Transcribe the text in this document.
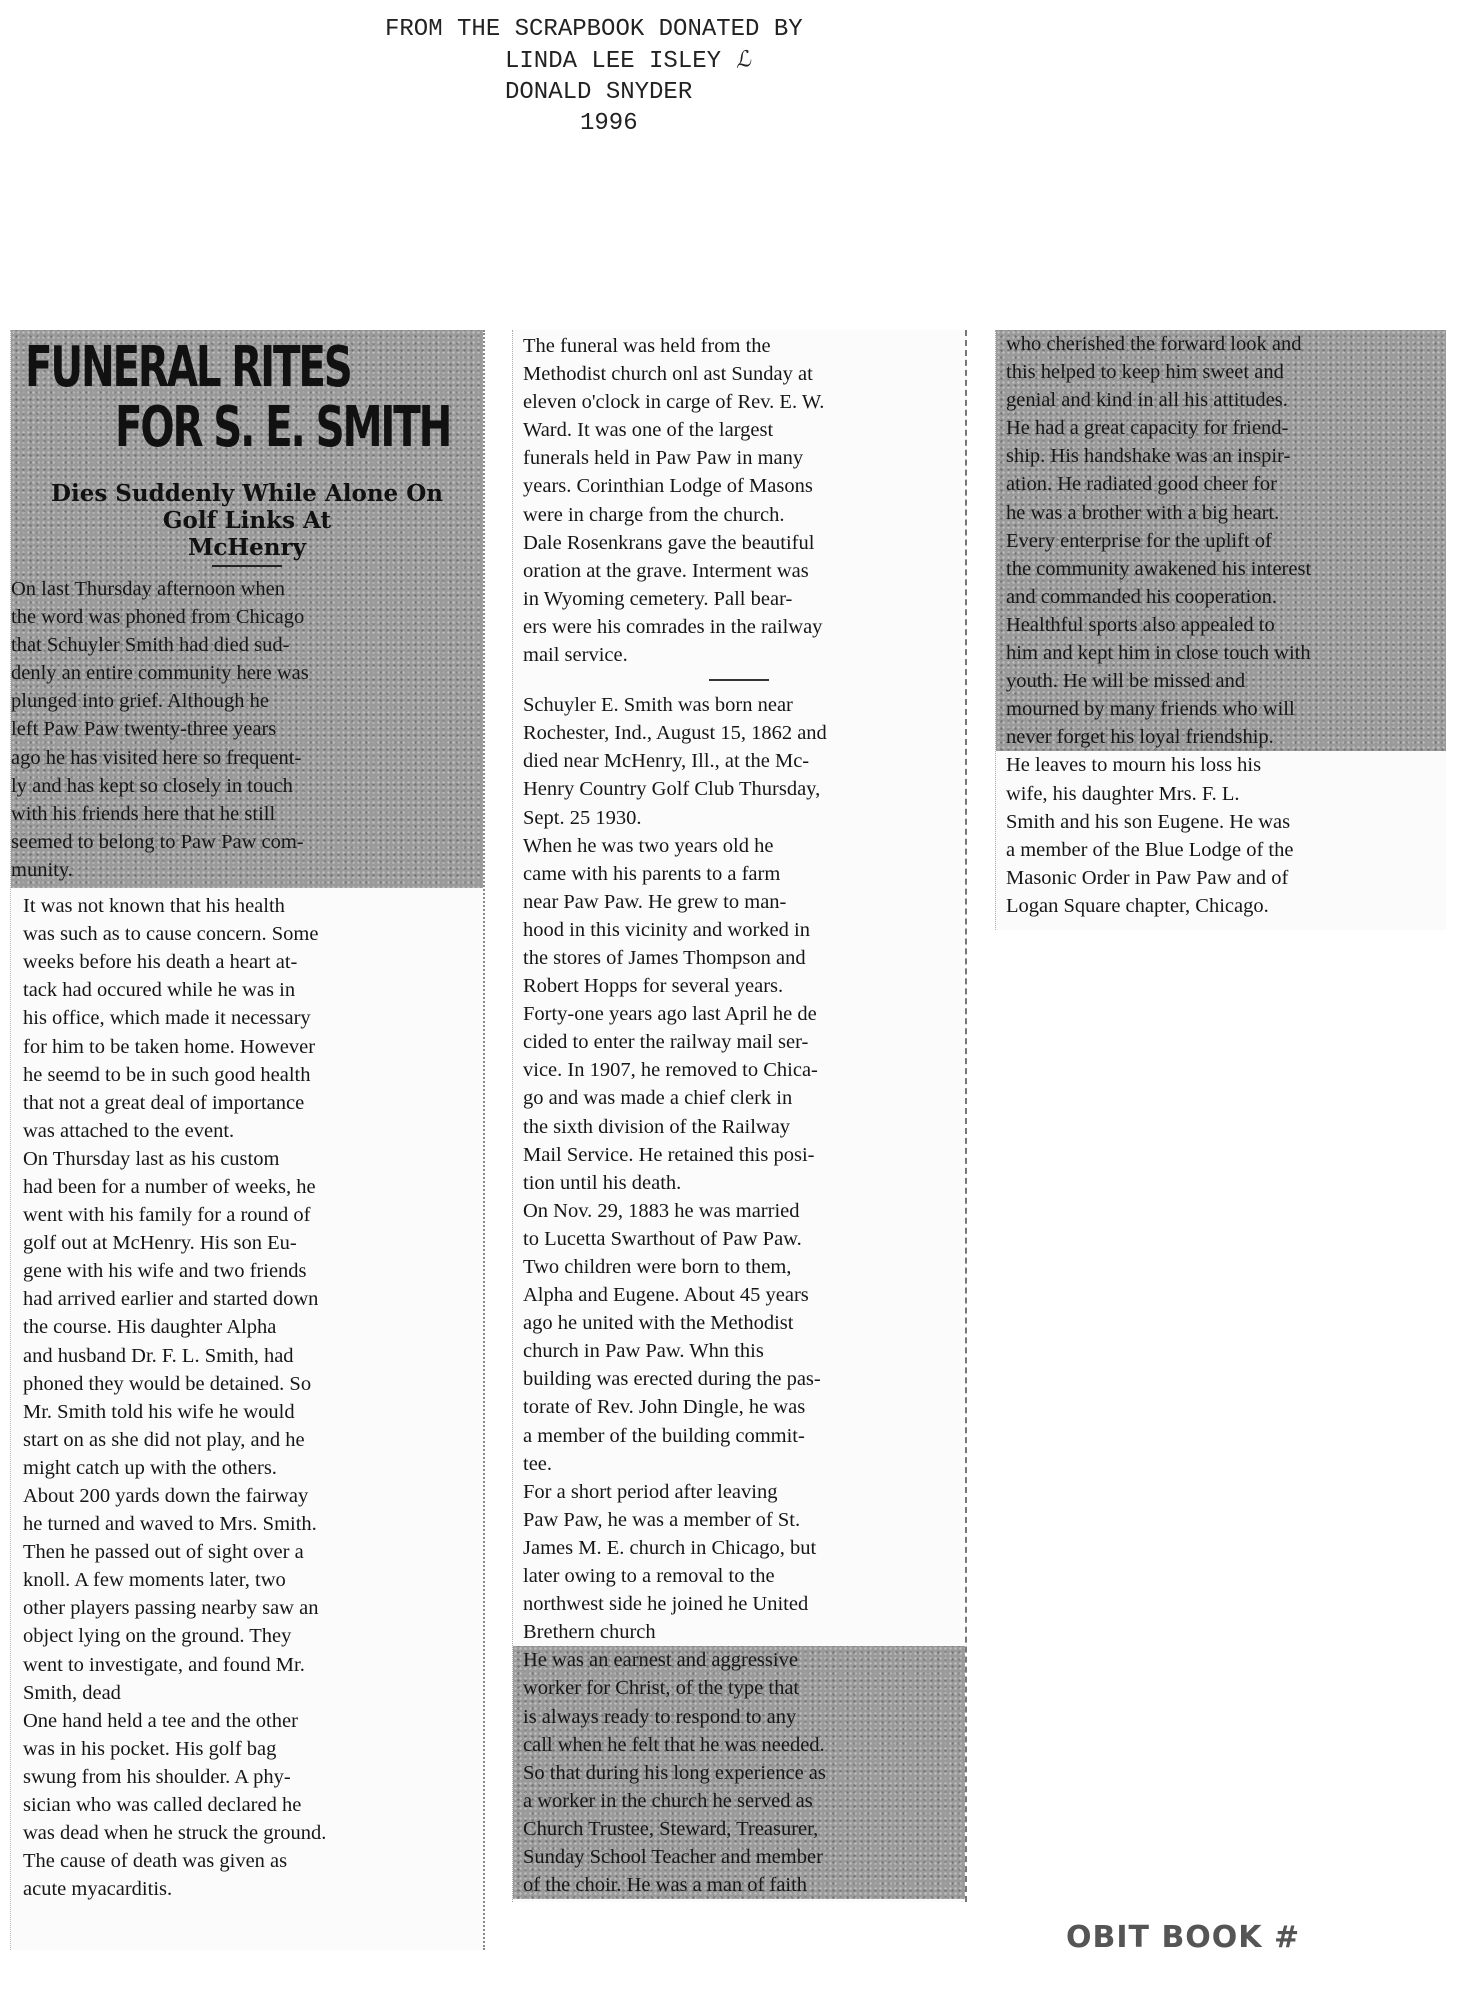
FROM THE SCRAPBOOK DONATED BY
LINDA LEE ISLEY ℒ
DONALD SNYDER
1996
FUNERAL RITES
FOR S. E. SMITH
Dies Suddenly While Alone On
Golf Links At
McHenry
On last Thursday afternoon when
the word was phoned from Chicago
that Schuyler Smith had died sud-
denly an entire community here was
plunged into grief. Although he
left Paw Paw twenty-three years
ago he has visited here so frequent-
ly and has kept so closely in touch
with his friends here that he still
seemed to belong to Paw Paw com-
munity.
It was not known that his health
was such as to cause concern. Some
weeks before his death a heart at-
tack had occured while he was in
his office, which made it necessary
for him to be taken home. However
he seemd to be in such good health
that not a great deal of importance
was attached to the event.
On Thursday last as his custom
had been for a number of weeks, he
went with his family for a round of
golf out at McHenry. His son Eu-
gene with his wife and two friends
had arrived earlier and started down
the course. His daughter Alpha
and husband Dr. F. L. Smith, had
phoned they would be detained. So
Mr. Smith told his wife he would
start on as she did not play, and he
might catch up with the others.
About 200 yards down the fairway
he turned and waved to Mrs. Smith.
Then he passed out of sight over a
knoll. A few moments later, two
other players passing nearby saw an
object lying on the ground. They
went to investigate, and found Mr.
Smith, dead
One hand held a tee and the other
was in his pocket. His golf bag
swung from his shoulder. A phy-
sician who was called declared he
was dead when he struck the ground.
The cause of death was given as
acute myacarditis.
The funeral was held from the
Methodist church onl ast Sunday at
eleven o'clock in carge of Rev. E. W.
Ward. It was one of the largest
funerals held in Paw Paw in many
years. Corinthian Lodge of Masons
were in charge from the church.
Dale Rosenkrans gave the beautiful
oration at the grave. Interment was
in Wyoming cemetery. Pall bear-
ers were his comrades in the railway
mail service.
Schuyler E. Smith was born near
Rochester, Ind., August 15, 1862 and
died near McHenry, Ill., at the Mc-
Henry Country Golf Club Thursday,
Sept. 25 1930.
When he was two years old he
came with his parents to a farm
near Paw Paw. He grew to man-
hood in this vicinity and worked in
the stores of James Thompson and
Robert Hopps for several years.
Forty-one years ago last April he de
cided to enter the railway mail ser-
vice. In 1907, he removed to Chica-
go and was made a chief clerk in
the sixth division of the Railway
Mail Service. He retained this posi-
tion until his death.
On Nov. 29, 1883 he was married
to Lucetta Swarthout of Paw Paw.
Two children were born to them,
Alpha and Eugene. About 45 years
ago he united with the Methodist
church in Paw Paw. Whn this
building was erected during the pas-
torate of Rev. John Dingle, he was
a member of the building commit-
tee.
For a short period after leaving
Paw Paw, he was a member of St.
James M. E. church in Chicago, but
later owing to a removal to the
northwest side he joined he United
Brethern church
He was an earnest and aggressive
worker for Christ, of the type that
is always ready to respond to any
call when he felt that he was needed.
So that during his long experience as
a worker in the church he served as
Church Trustee, Steward, Treasurer,
Sunday School Teacher and member
of the choir. He was a man of faith
who cherished the forward look and
this helped to keep him sweet and
genial and kind in all his attitudes.
He had a great capacity for friend-
ship. His handshake was an inspir-
ation. He radiated good cheer for
he was a brother with a big heart.
Every enterprise for the uplift of
the community awakened his interest
and commanded his cooperation.
Healthful sports also appealed to
him and kept him in close touch with
youth. He will be missed and
mourned by many friends who will
never forget his loyal friendship.
He leaves to mourn his loss his
wife, his daughter Mrs. F. L.
Smith and his son Eugene. He was
a member of the Blue Lodge of the
Masonic Order in Paw Paw and of
Logan Square chapter, Chicago.
OBIT BOOK #
